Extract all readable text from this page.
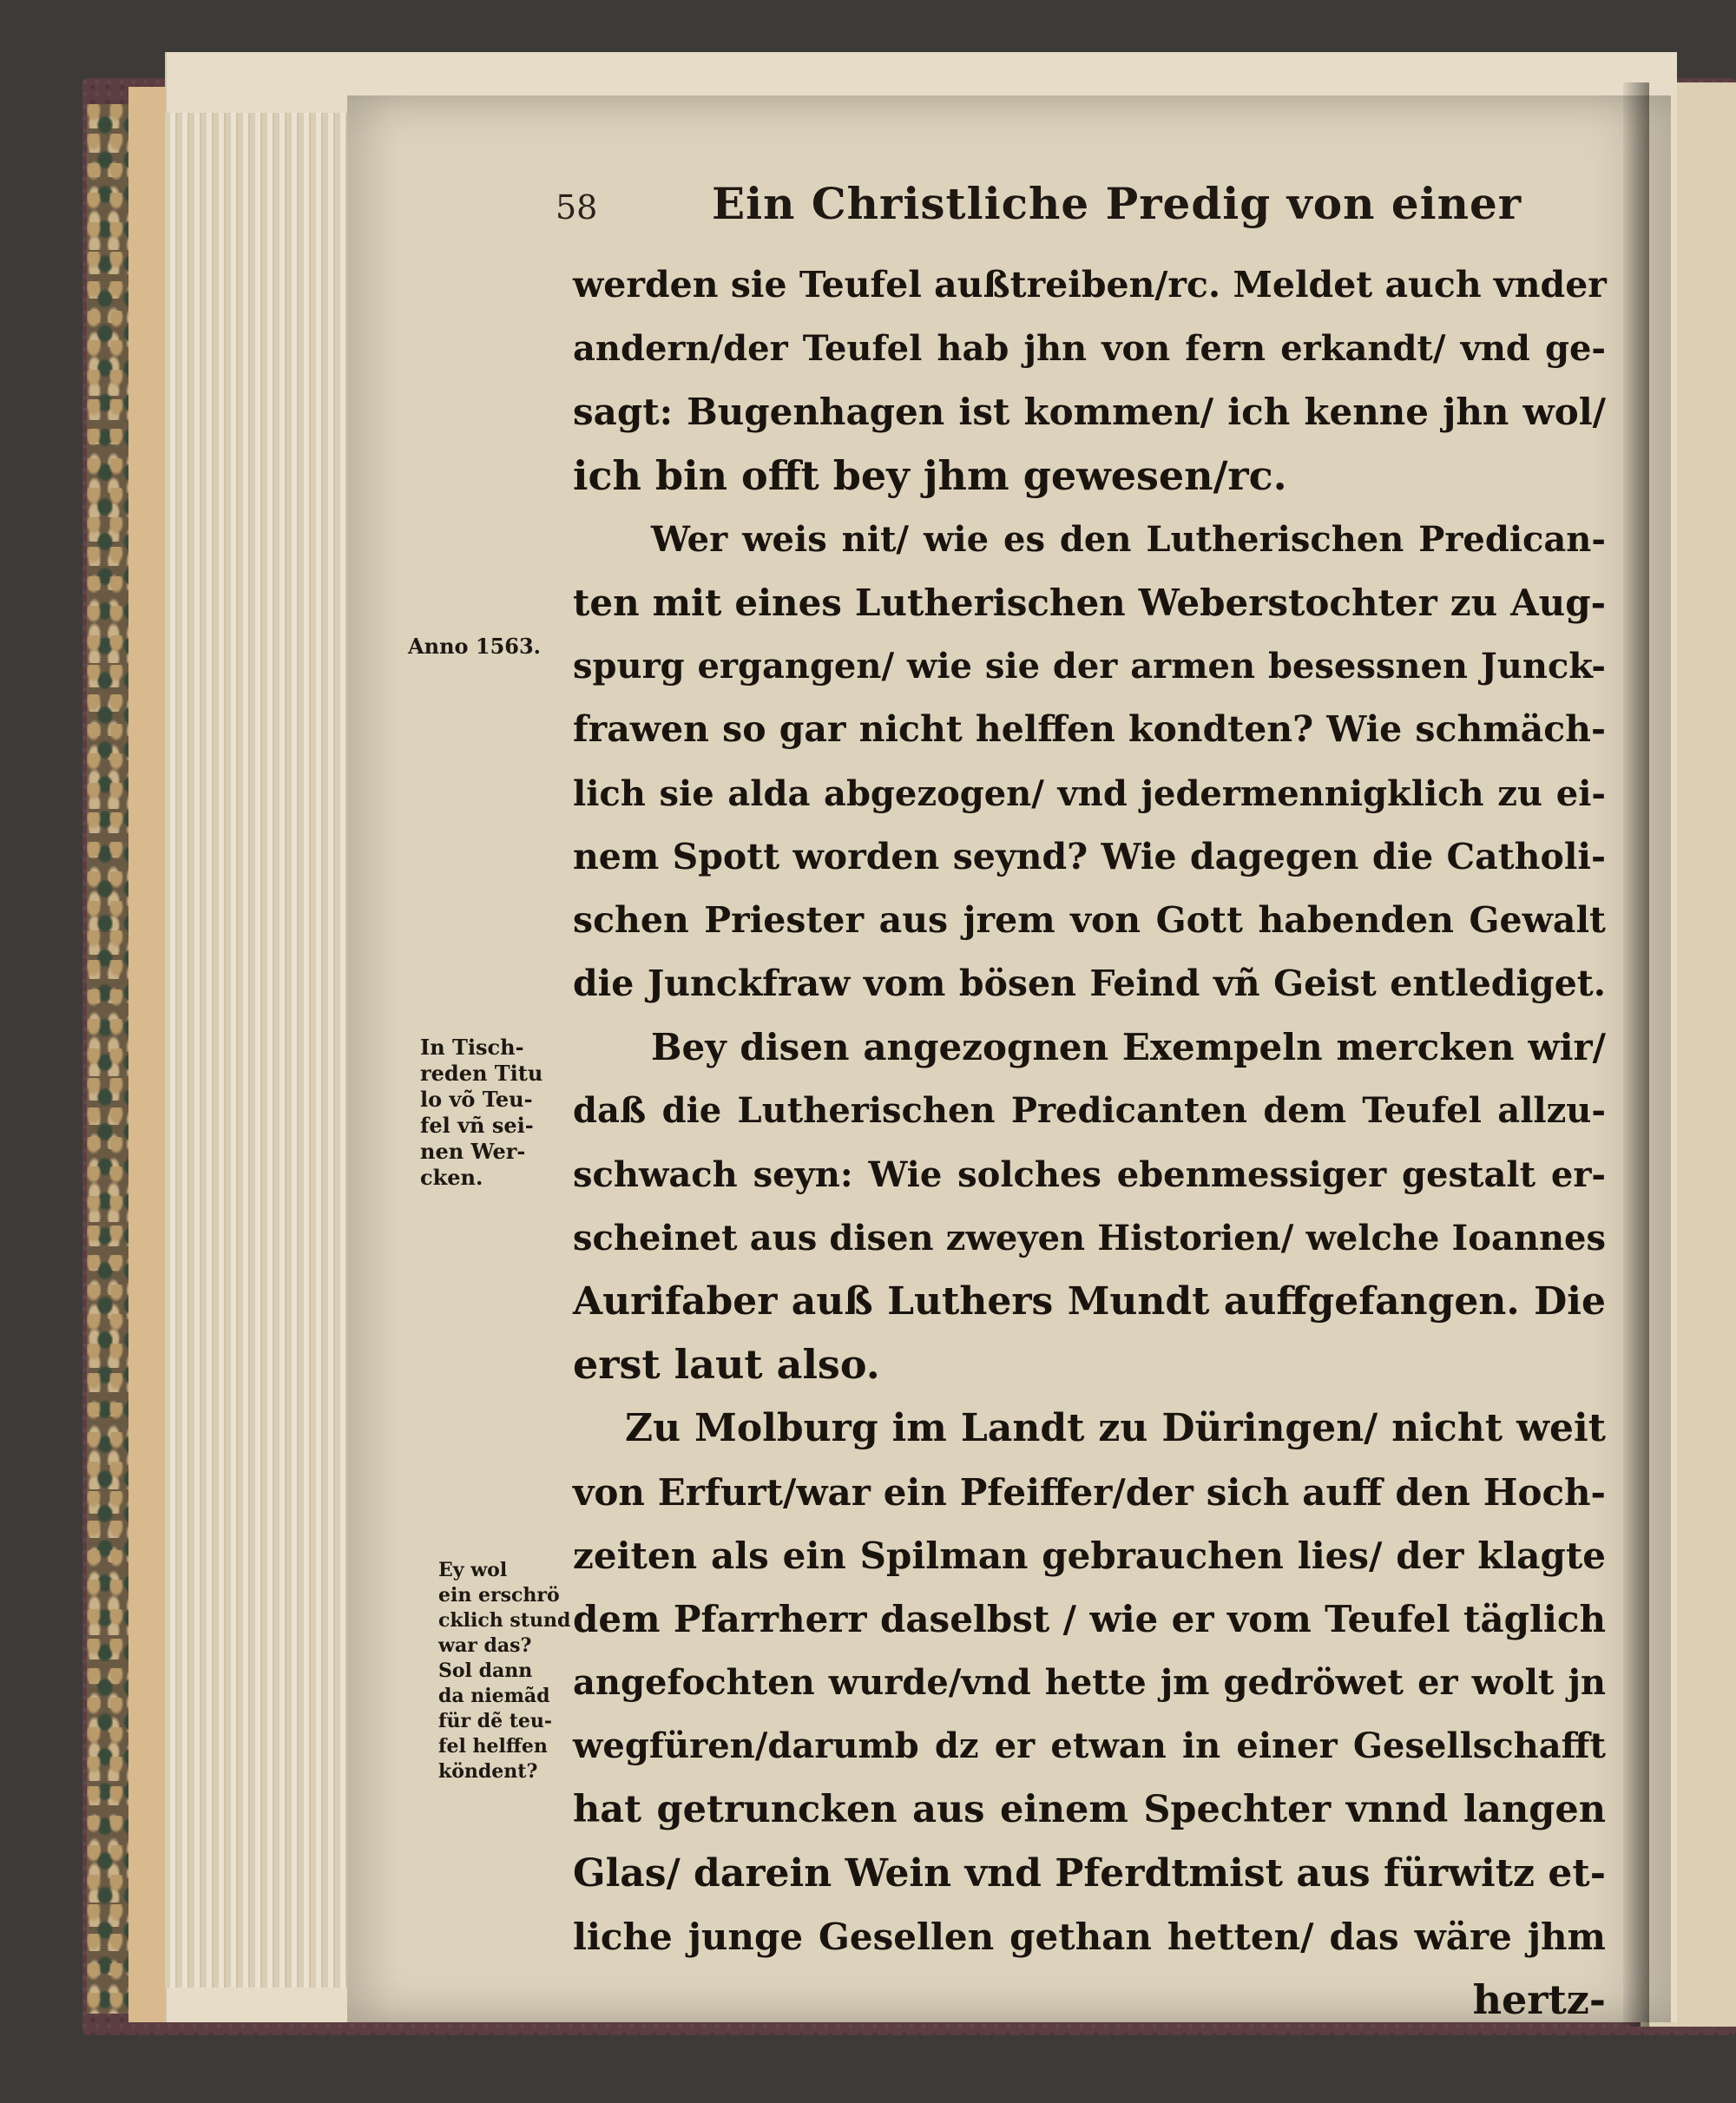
58	Ein Christliche Predig von einer
werden sie Teufel außtreiben/rc. Meldet auch vnder
andern/der Teufel hab jhn von fern erkandt/ vnd ge-
sagt: Bugenhagen ist kommen/ ich kenne jhn wol/
ich bin offt bey jhm gewesen/rc.
Wer weis nit/ wie es den Lutherischen Predican-
ten mit eines Lutherischen Weberstochter zu Aug-
spurg ergangen/ wie sie der armen besessnen Junck-
frawen so gar nicht helffen kondten? Wie schmäch-
lich sie alda abgezogen/ vnd jedermennigklich zu ei-
nem Spott worden seynd? Wie dagegen die Catholi-
schen Priester aus jrem von Gott habenden Gewalt
die Junckfraw vom bösen Feind vñ Geist entlediget.
Bey disen angezognen Exempeln mercken wir/
daß die Lutherischen Predicanten dem Teufel allzu-
schwach seyn: Wie solches ebenmessiger gestalt er-
scheinet aus disen zweyen Historien/ welche Ioannes
Aurifaber auß Luthers Mundt auffgefangen. Die
erst laut also.
Zu Molburg im Landt zu Düringen/ nicht weit
von Erfurt/war ein Pfeiffer/der sich auff den Hoch-
zeiten als ein Spilman gebrauchen lies/ der klagte
dem Pfarrherr daselbst / wie er vom Teufel täglich
angefochten wurde/vnd hette jm gedröwet er wolt jn
wegfüren/darumb dz er etwan in einer Gesellschafft
hat getruncken aus einem Spechter vnnd langen
Glas/ darein Wein vnd Pferdtmist aus fürwitz et-
liche junge Gesellen gethan hetten/ das wäre jhm
hertz-
Anno 1563.
In Tisch-
reden Titu
lo võ Teu-
fel vñ sei-
nen Wer-
cken.
Ey wol
ein erschrö
cklich stund
war das?
Sol dann
da niemãd
für dẽ teu-
fel helffen
köndent?
